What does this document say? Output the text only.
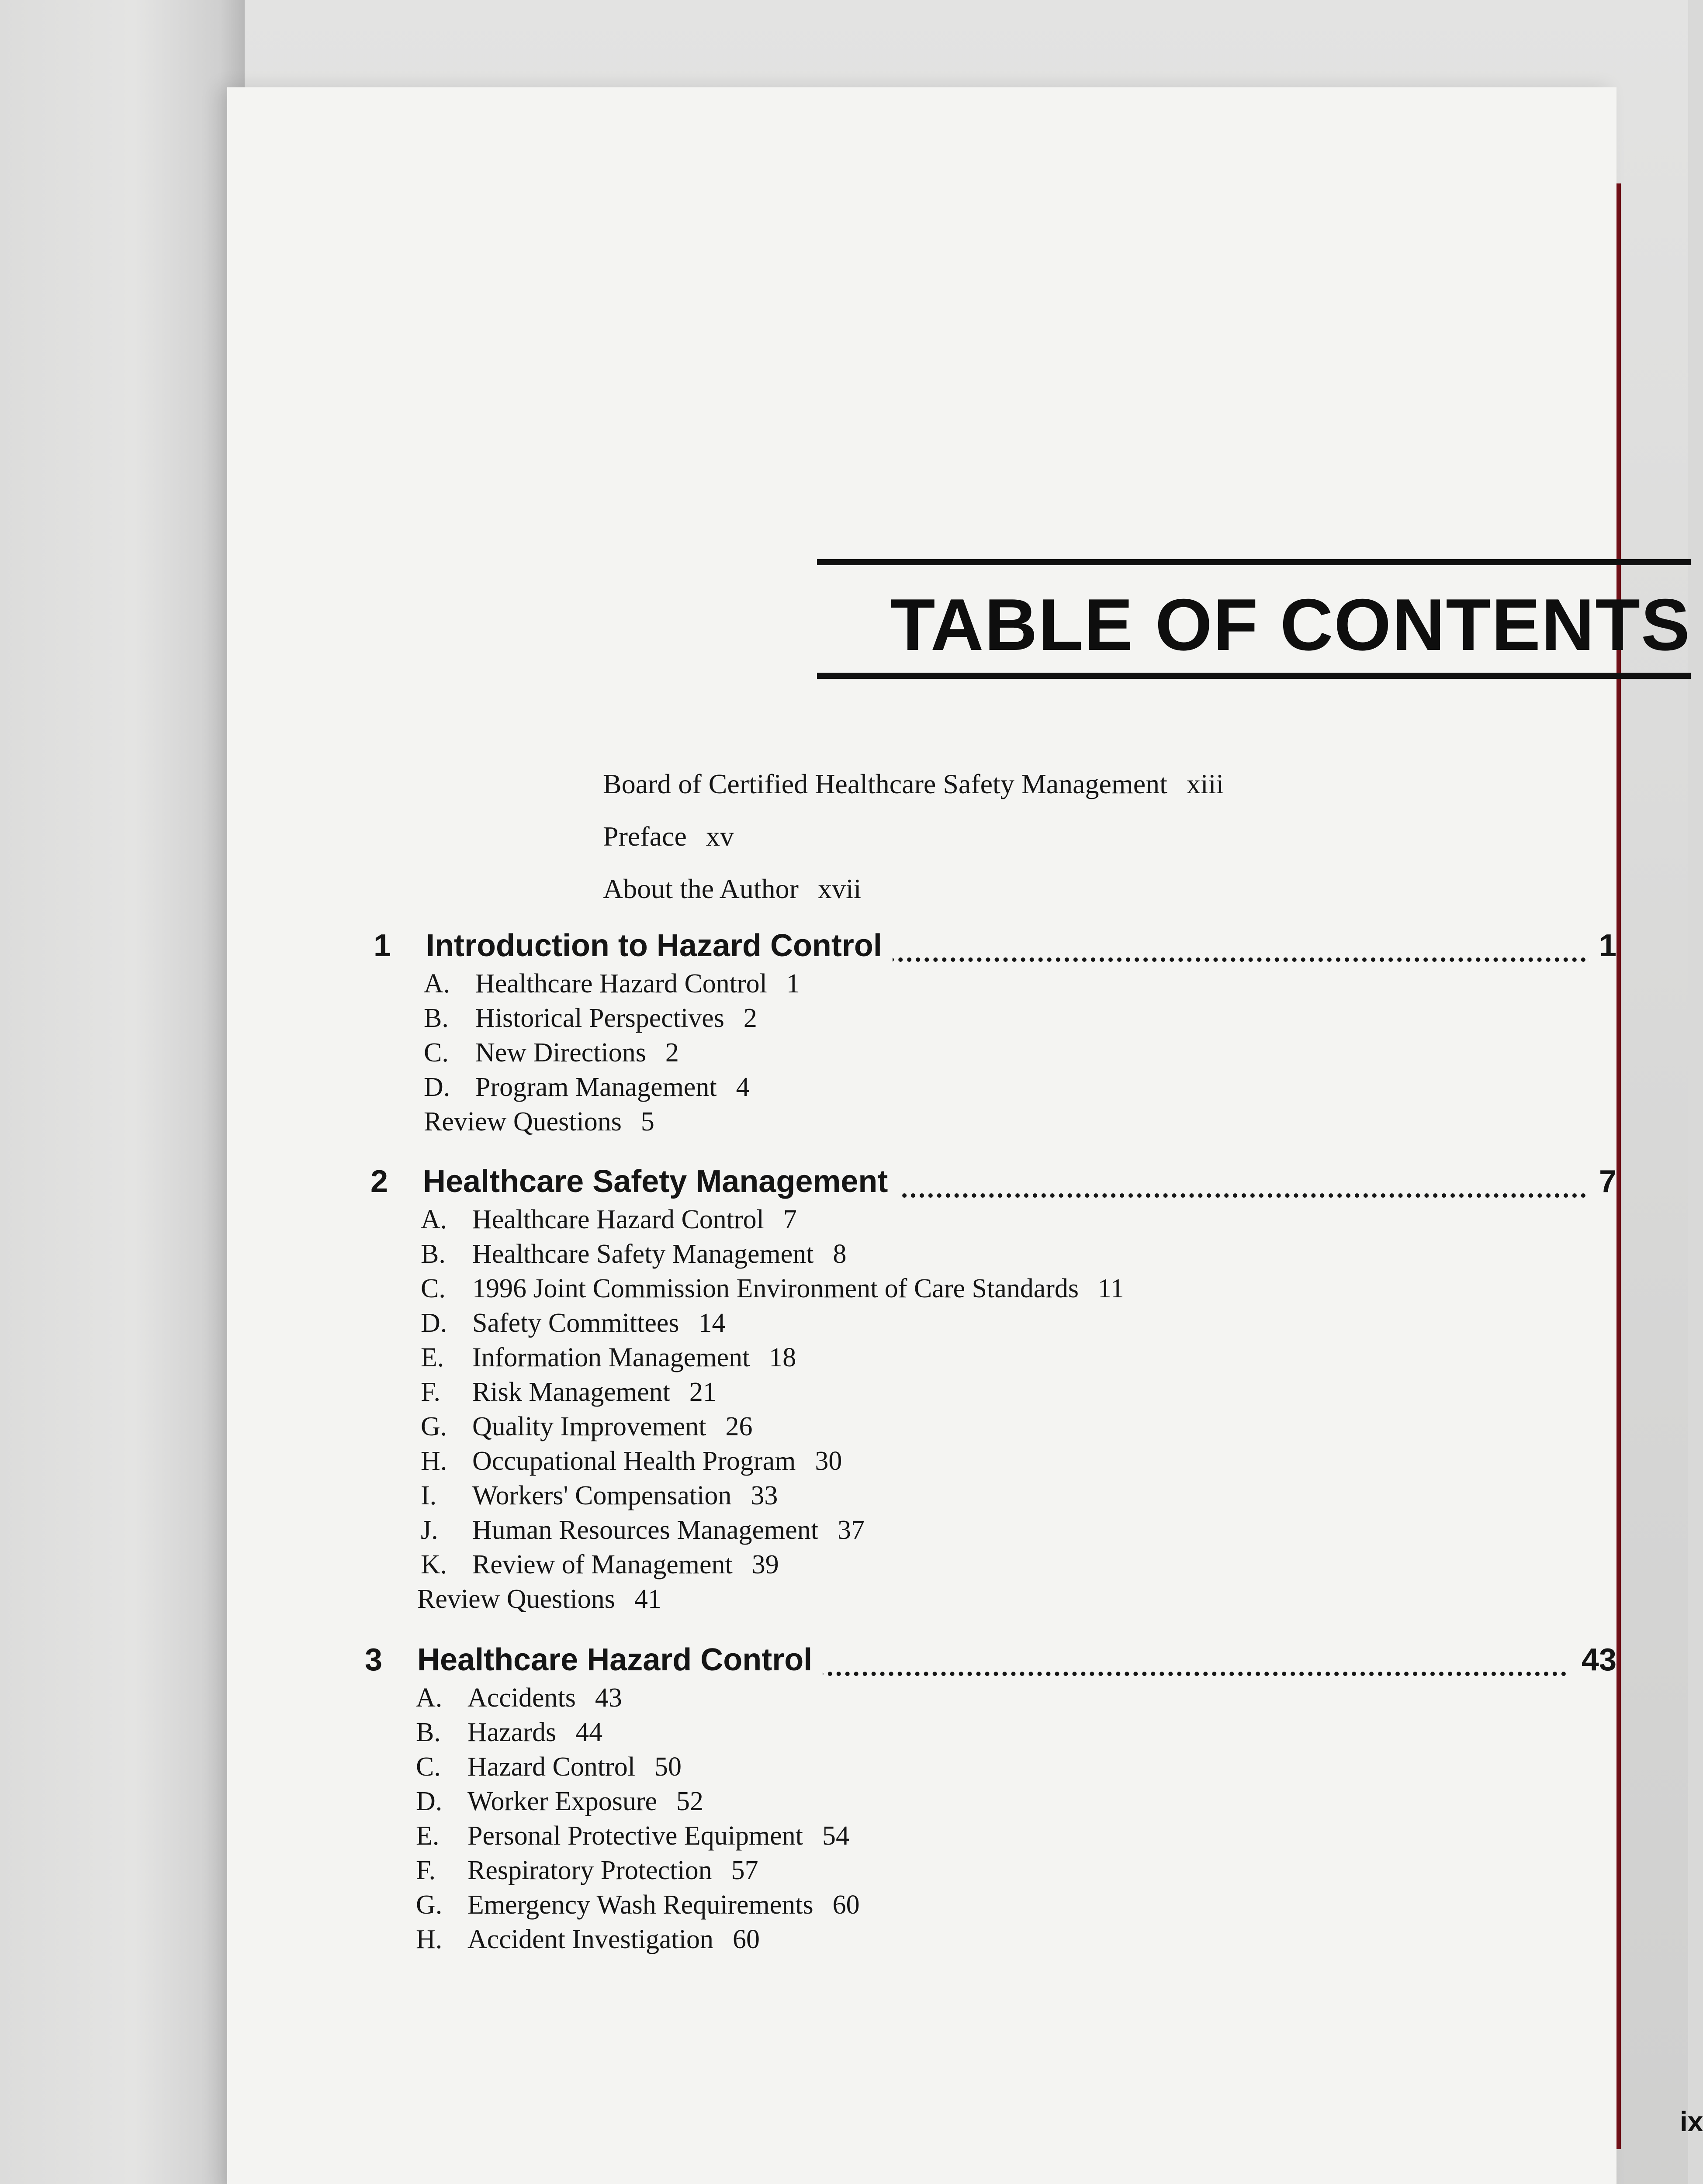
TABLE OF CONTENTS
Board of Certified Healthcare Safety Management xiii
Preface xv
About the Author xvii
1 Introduction to Hazard Control	1
A. Healthcare Hazard Control 1
B. Historical Perspectives 2
C. New Directions 2
D. Program Management 4
Review Questions 5
2 Healthcare Safety Management	7
A. Healthcare Hazard Control 7
B. Healthcare Safety Management 8
C. 1996 Joint Commission Environment of Care Standards 11
D. Safety Committees 14
E. Information Management 18
F. Risk Management 21
G. Quality Improvement 26
H. Occupational Health Program 30
I. Workers' Compensation 33
J. Human Resources Management 37
K. Review of Management 39
Review Questions 41
3 Healthcare Hazard Control	43
A. Accidents 43
B. Hazards 44
C. Hazard Control 50
D. Worker Exposure 52
E. Personal Protective Equipment 54
F. Respiratory Protection 57
G. Emergency Wash Requirements 60
H. Accident Investigation 60
ix
